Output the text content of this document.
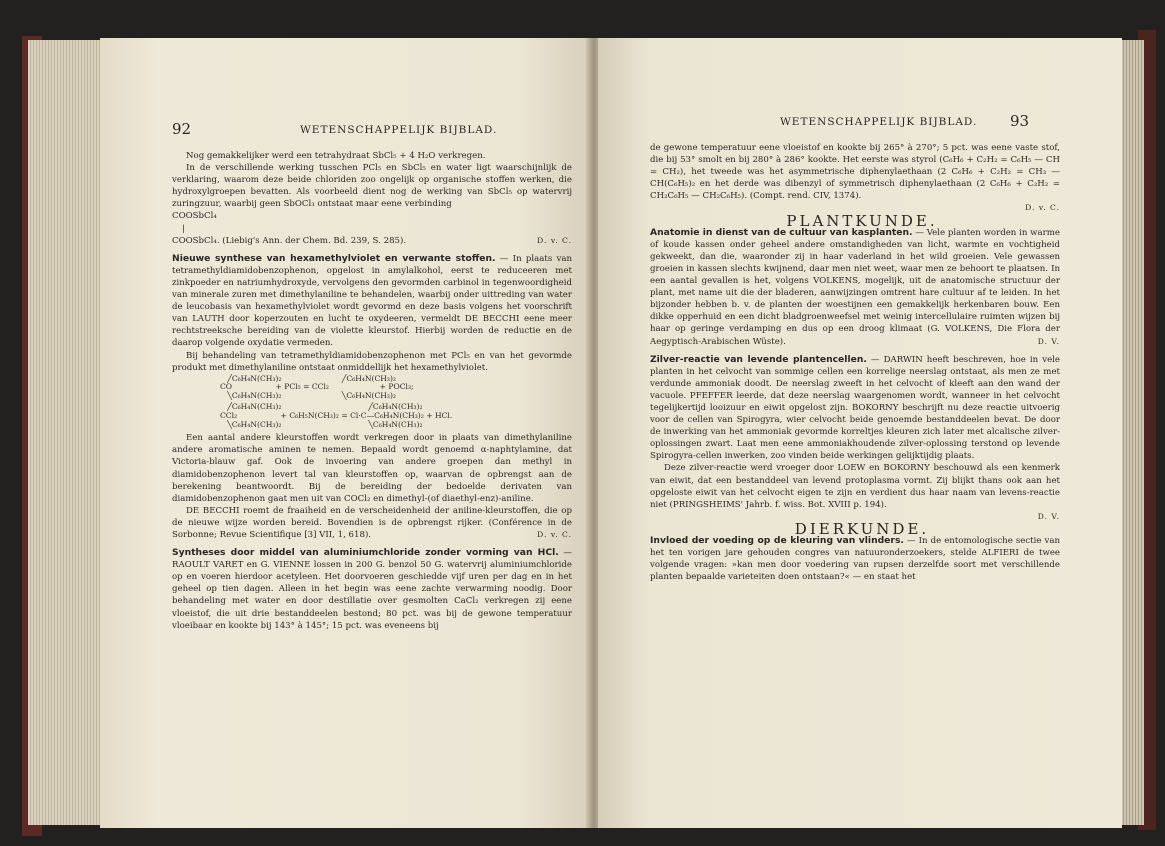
92	WETENSCHAPPELIJK BIJBLAD.

Nog gemakkelijker werd een tetrahydraat SbCl₅ + 4 H₂O verkregen.

In de verschillende werking tusschen PCl₅ en SbCl₅ en water ligt waarschijnlijk de verklaring, waarom deze beide chloriden zoo ongelijk op organische stoffen werken, die hydroxylgroepen bevatten. Als voorbeeld dient nog de werking van SbCl₅ op watervrij zuringzuur, waarbij geen SbOCl₃ ontstaat maar eene verbinding

COOSbCl₄

|

COOSbCl₄. (Liebig's Ann. der Chem. Bd. 239, S. 285).	D. v. C.

Nieuwe synthese van hexamethylviolet en verwante stoffen. — In plaats van tetramethyldiamidobenzophenon, opgelost in amylalkohol, eerst te reduceeren met zinkpoeder en natriumhydroxyde, vervolgens den gevormden carbinol in tegenwoordigheid van minerale zuren met dimethylaniline te behandelen, waarbij onder uittreding van water de leucobasis van hexamethylviolet wordt gevormd en deze basis volgens het voorschrift van LAUTH door koperzouten en lucht te oxydeeren, vermeldt DE BECCHI eene meer rechtstreeksche bereiding van de violette kleurstof. Hierbij worden de reductie en de daarop volgende oxydatie vermeden.

Bij behandeling van tetramethyldiamidobenzophenon met PCl₅ en van het gevormde produkt met dimethylaniline ontstaat onmiddellijk het hexamethylviolet.

╱C₆H₄N(CH₃)₂                         ╱C₆H₄N(CH₃)₂
CO                  + PCl₅ = CCl₂                     + POCl₃;
╲C₆H₄N(CH₃)₂                         ╲C₆H₄N(CH₃)₂
╱C₆H₄N(CH₃)₂                                    ╱C₆H₄N(CH₃)₂
CCl₂                  + C₆H₅N(CH₃)₂ = Cl·C—C₆H₄N(CH₃)₂ + HCl.
╲C₆H₄N(CH₃)₂                                    ╲C₆H₄N(CH₃)₂

Een aantal andere kleurstoffen wordt verkregen door in plaats van dimethylaniline andere aromatische aminen te nemen. Bepaald wordt genoemd α-naphtylamine, dat Victoria-blauw gaf. Ook de invoering van andere groepen dan methyl in diamidobenzophenon levert tal van kleurstoffen op, waarvan de opbrengst aan de berekening beantwoordt. Bij de bereiding der bedoelde derivaten van diamidobenzophenon gaat men uit van COCl₂ en dimethyl-(of diaethyl-enz)-aniline.

DE BECCHI roemt de fraaiheid en de verscheidenheid der aniline-kleurstoffen, die op de nieuwe wijze worden bereid. Bovendien is de opbrengst rijker. (Conférence in de Sorbonne; Revue Scientifique [3] VII, 1, 618).	D. v. C.

Syntheses door middel van aluminiumchloride zonder vorming van HCl. — RAOULT VARET en G. VIENNE lossen in 200 G. benzol 50 G. watervrij aluminiumchloride op en voeren hierdoor acetyleen. Het doorvoeren geschiedde vijf uren per dag en in het geheel op tien dagen. Alleen in het begin was eene zachte verwarming noodig. Door behandeling met water en door destillatie over gesmolten CaCl₂ verkregen zij eene vloeistof, die uit drie bestanddeelen bestond; 80 pct. was bij de gewone temperatuur vloeibaar en kookte bij 143° à 145°; 15 pct. was eveneens bij

WETENSCHAPPELIJK BIJBLAD. 93

de gewone temperatuur eene vloeistof en kookte bij 265° à 270°; 5 pct. was eene vaste stof, die bij 53° smolt en bij 280° à 286° kookte. Het eerste was styrol (C₆H₆ + C₂H₂ = C₆H₅ — CH = CH₂), het tweede was het asymmetrische diphenylaethaan (2 C₆H₆ + C₂H₂ = CH₃ — CH(C₆H₅)₂ en het derde was dibenzyl of symmetrisch diphenylaethaan (2 C₆H₆ + C₂H₂ = CH₂C₆H₅ — CH₂C₆H₅). (Compt. rend. CIV, 1374).

D. v. C.

PLANTKUNDE.

Anatomie in dienst van de cultuur van kasplanten. — Vele planten worden in warme of koude kassen onder geheel andere omstandigheden van licht, warmte en vochtigheid gekweekt, dan die, waaronder zij in haar vaderland in het wild groeien. Vele gewassen groeien in kassen slechts kwijnend, daar men niet weet, waar men ze behoort te plaatsen. In een aantal gevallen is het, volgens VOLKENS, mogelijk, uit de anatomische structuur der plant, met name uit die der bladeren, aanwijzingen omtrent hare cultuur af te leiden. In het bijzonder hebben b. v. de planten der woestijnen een gemakkelijk herkenbaren bouw. Een dikke opperhuid en een dicht bladgroenweefsel met weinig intercellulaire ruimten wijzen bij haar op geringe verdamping en dus op een droog klimaat (G. VOLKENS, Die Flora der Aegyptisch-Arabischen Wüste).	D. V.

Zilver-reactie van levende plantencellen. — DARWIN heeft beschreven, hoe in vele planten in het celvocht van sommige cellen een korrelige neerslag ontstaat, als men ze met verdunde ammoniak doodt. De neerslag zweeft in het celvocht of kleeft aan den wand der vacuole. PFEFFER leerde, dat deze neerslag waargenomen wordt, wanneer in het celvocht tegelijkertijd looizuur en eiwit opgelost zijn. BOKORNY beschrijft nu deze reactie uitvoerig voor de cellen van Spirogyra, wier celvocht beide genoemde bestanddeelen bevat. De door de inwerking van het ammoniak gevormde korreltjes kleuren zich later met alcalische zilver-oplossingen zwart. Laat men eene ammoniakhoudende zilver-oplossing terstond op levende Spirogyra-cellen inwerken, zoo vinden beide werkingen gelijktijdig plaats.

Deze zilver-reactie werd vroeger door LOEW en BOKORNY beschouwd als een kenmerk van eiwit, dat een bestanddeel van levend protoplasma vormt. Zij blijkt thans ook aan het opgeloste eiwit van het celvocht eigen te zijn en verdient dus haar naam van levens-reactie niet (PRINGSHEIMS' Jahrb. f. wiss. Bot. XVIII p. 194).

D. V.

DIERKUNDE.

Invloed der voeding op de kleuring van vlinders. — In de entomologische sectie van het ten vorigen jare gehouden congres van natuuronderzoekers, stelde ALFIERI de twee volgende vragen: »kan men door voedering van rupsen derzelfde soort met verschillende planten bepaalde varieteiten doen ontstaan?« — en staat het
